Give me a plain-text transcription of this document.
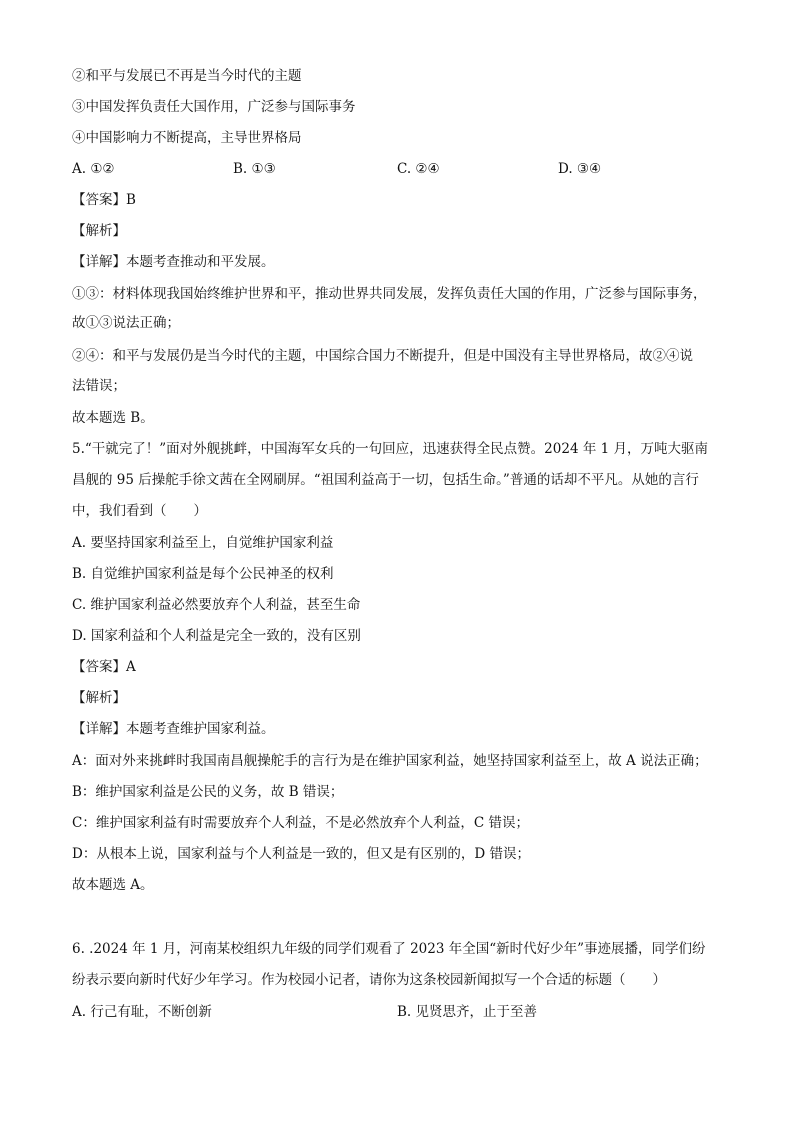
②和平与发展已不再是当今时代的主题
③中国发挥负责任大国作用，广泛参与国际事务
④中国影响力不断提高，主导世界格局
A. ①②	B. ①③	C. ②④	D. ③④
【答案】B
【解析】
【详解】本题考查推动和平发展。
①③：材料体现我国始终维护世界和平，推动世界共同发展，发挥负责任大国的作用，广泛参与国际事务，
故①③说法正确；
②④：和平与发展仍是当今时代的主题，中国综合国力不断提升，但是中国没有主导世界格局，故②④说
法错误；
故本题选 B。
5.“干就完了！”面对外舰挑衅，中国海军女兵的一句回应，迅速获得全民点赞。2024 年 1 月，万吨大驱南
昌舰的 95 后操舵手徐文茜在全网刷屏。“祖国利益高于一切，包括生命。”普通的话却不平凡。从她的言行
中，我们看到（　　）
A. 要坚持国家利益至上，自觉维护国家利益
B. 自觉维护国家利益是每个公民神圣的权利
C. 维护国家利益必然要放弃个人利益，甚至生命
D. 国家利益和个人利益是完全一致的，没有区别
【答案】A
【解析】
【详解】本题考查维护国家利益。
A：面对外来挑衅时我国南昌舰操舵手的言行为是在维护国家利益，她坚持国家利益至上，故 A 说法正确；
B：维护国家利益是公民的义务，故 B 错误；
C：维护国家利益有时需要放弃个人利益，不是必然放弃个人利益，C 错误；
D：从根本上说，国家利益与个人利益是一致的，但又是有区别的，D 错误；
故本题选 A。
6. .2024 年 1 月，河南某校组织九年级的同学们观看了 2023 年全国“新时代好少年”事迹展播，同学们纷
纷表示要向新时代好少年学习。作为校园小记者，请你为这条校园新闻拟写一个合适的标题（　　）
A. 行己有耻，不断创新	B. 见贤思齐，止于至善
